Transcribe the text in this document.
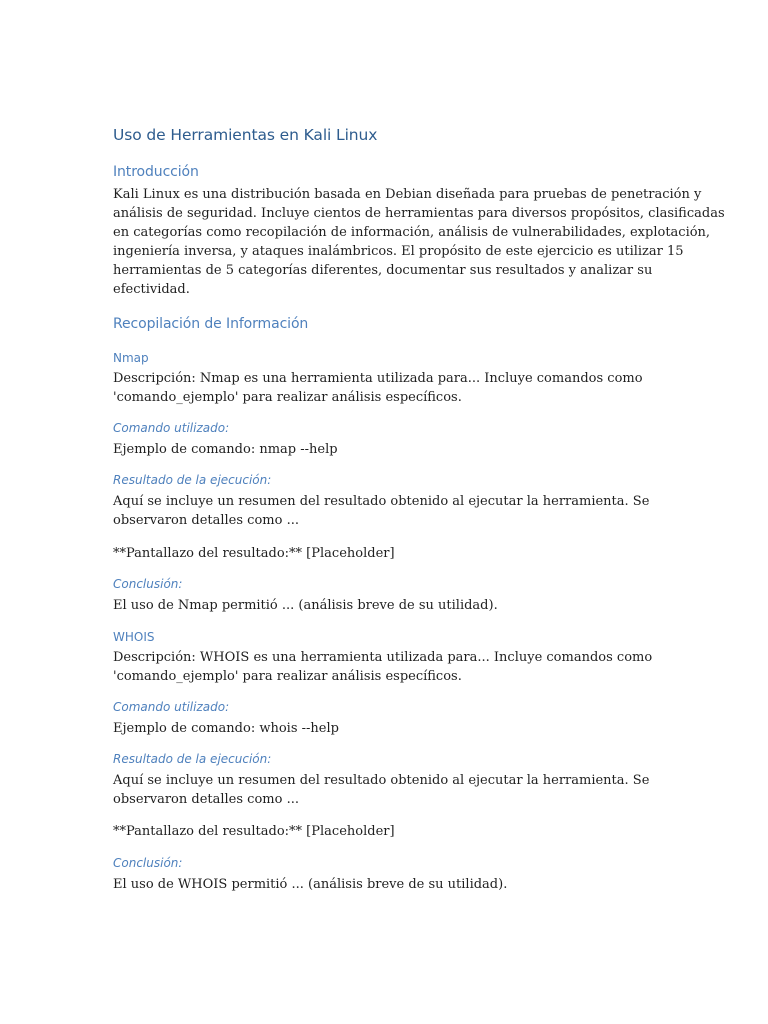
Uso de Herramientas en Kali Linux
Introducción
Kali Linux es una distribución basada en Debian diseñada para pruebas de penetración y
análisis de seguridad. Incluye cientos de herramientas para diversos propósitos, clasificadas
en categorías como recopilación de información, análisis de vulnerabilidades, explotación,
ingeniería inversa, y ataques inalámbricos. El propósito de este ejercicio es utilizar 15
herramientas de 5 categorías diferentes, documentar sus resultados y analizar su
efectividad.
Recopilación de Información
Nmap
Descripción: Nmap es una herramienta utilizada para... Incluye comandos como
'comando_ejemplo' para realizar análisis específicos.
Comando utilizado:
Ejemplo de comando: nmap --help
Resultado de la ejecución:
Aquí se incluye un resumen del resultado obtenido al ejecutar la herramienta. Se
observaron detalles como ...
**Pantallazo del resultado:** [Placeholder]
Conclusión:
El uso de Nmap permitió ... (análisis breve de su utilidad).
WHOIS
Descripción: WHOIS es una herramienta utilizada para... Incluye comandos como
'comando_ejemplo' para realizar análisis específicos.
Comando utilizado:
Ejemplo de comando: whois --help
Resultado de la ejecución:
Aquí se incluye un resumen del resultado obtenido al ejecutar la herramienta. Se
observaron detalles como ...
**Pantallazo del resultado:** [Placeholder]
Conclusión:
El uso de WHOIS permitió ... (análisis breve de su utilidad).
